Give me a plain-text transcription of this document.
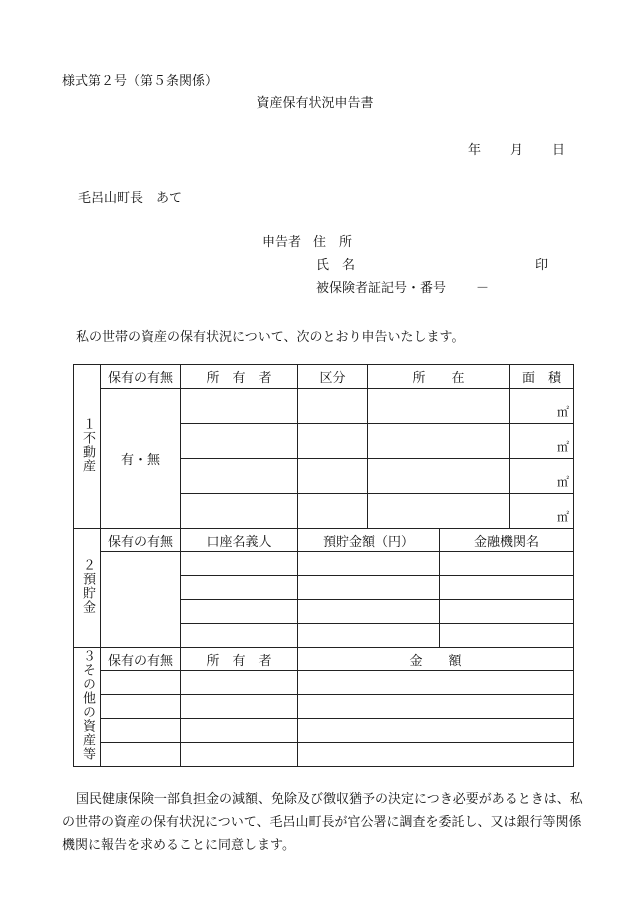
様式第２号（第５条関係）
資産保有状況申告書
年 月 日
毛呂山町長　あて
申告者 住　所
氏　名	印
被保険者証記号・番号 －
私の世帯の資産の保有状況について、次のとおり申告いたします。
１不動産	保有の有無	所　有　者	区分	所　　在		面　積
	有・無					㎡

						㎡

						㎡

						㎡

２預貯金	保有の有無	口座名義人	預貯金額（円）		金融機関名	

３その他の資産等	保有の有無	所　有　者	金　　額			

国民健康保険一部負担金の減額、免除及び徴収猶予の決定につき必要があるときは、私の世帯の資産の保有状況について、毛呂山町長が官公署に調査を委託し、又は銀行等関係機関に報告を求めることに同意します。
